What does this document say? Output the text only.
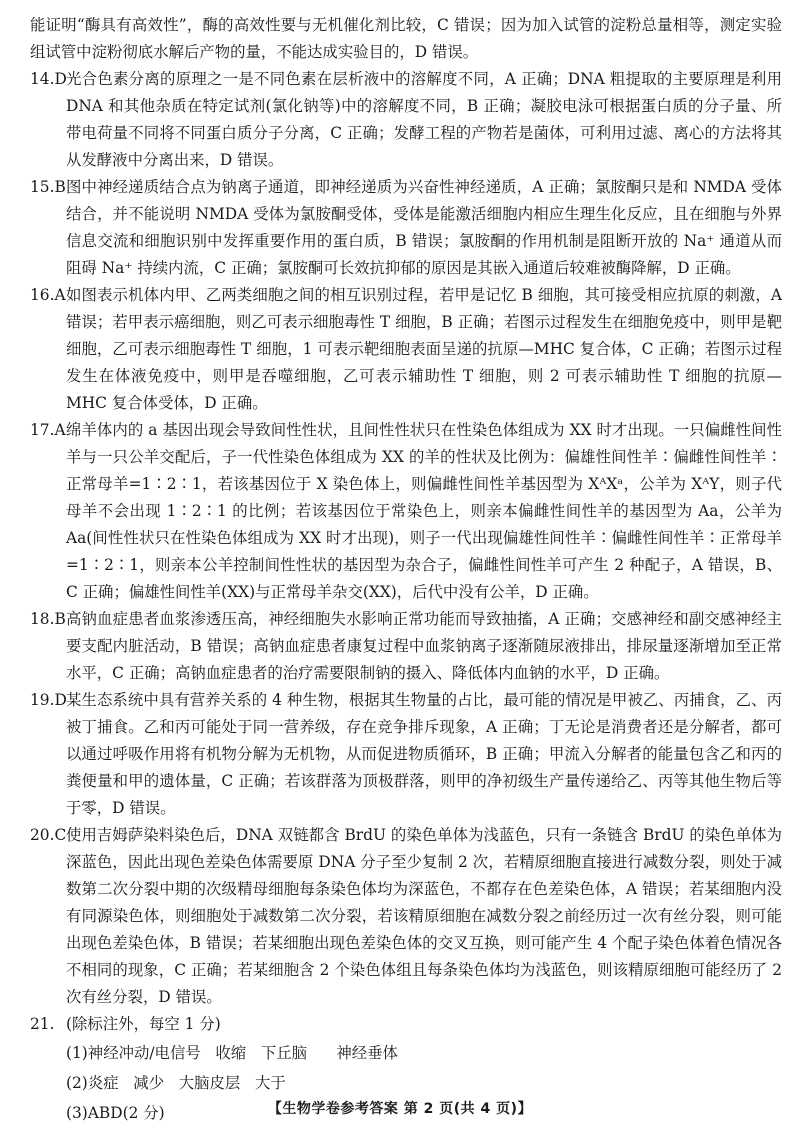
能证明“酶具有高效性”，酶的高效性要与无机催化剂比较，C 错误；因为加入试管的淀粉总量相等，测定实验组试管中淀粉彻底水解后产物的量，不能达成实验目的，D 错误。

14.D 光合色素分离的原理之一是不同色素在层析液中的溶解度不同，A 正确；DNA 粗提取的主要原理是利用 DNA 和其他杂质在特定试剂(氯化钠等)中的溶解度不同，B 正确；凝胶电泳可根据蛋白质的分子量、所带电荷量不同将不同蛋白质分子分离，C 正确；发酵工程的产物若是菌体，可利用过滤、离心的方法将其从发酵液中分离出来，D 错误。

15.B 图中神经递质结合点为钠离子通道，即神经递质为兴奋性神经递质，A 正确；氯胺酮只是和 NMDA 受体结合，并不能说明 NMDA 受体为氯胺酮受体，受体是能激活细胞内相应生理生化反应，且在细胞与外界信息交流和细胞识别中发挥重要作用的蛋白质，B 错误；氯胺酮的作用机制是阻断开放的 Na⁺ 通道从而阻碍 Na⁺ 持续内流，C 正确；氯胺酮可长效抗抑郁的原因是其嵌入通道后较难被酶降解，D 正确。

16.A 如图表示机体内甲、乙两类细胞之间的相互识别过程，若甲是记忆 B 细胞，其可接受相应抗原的刺激，A 错误；若甲表示癌细胞，则乙可表示细胞毒性 T 细胞，B 正确；若图示过程发生在细胞免疫中，则甲是靶细胞，乙可表示细胞毒性 T 细胞，1 可表示靶细胞表面呈递的抗原—MHC 复合体，C 正确；若图示过程发生在体液免疫中，则甲是吞噬细胞，乙可表示辅助性 T 细胞，则 2 可表示辅助性 T 细胞的抗原—MHC 复合体受体，D 正确。

17.A 绵羊体内的 a 基因出现会导致间性性状，且间性性状只在性染色体组成为 XX 时才出现。一只偏雌性间性羊与一只公羊交配后，子一代性染色体组成为 XX 的羊的性状及比例为：偏雄性间性羊∶偏雌性间性羊∶正常母羊=1∶2∶1，若该基因位于 X 染色体上，则偏雌性间性羊基因型为 XᴬXᵃ，公羊为 XᴬY，则子代母羊不会出现 1∶2∶1 的比例；若该基因位于常染色上，则亲本偏雌性间性羊的基因型为 Aa，公羊为 Aa(间性性状只在性染色体组成为 XX 时才出现)，则子一代出现偏雄性间性羊∶偏雌性间性羊∶正常母羊=1∶2∶1，则亲本公羊控制间性性状的基因型为杂合子，偏雌性间性羊可产生 2 种配子，A 错误，B、C 正确；偏雄性间性羊(XX)与正常母羊杂交(XX)，后代中没有公羊，D 正确。

18.B 高钠血症患者血浆渗透压高，神经细胞失水影响正常功能而导致抽搐，A 正确；交感神经和副交感神经主要支配内脏活动，B 错误；高钠血症患者康复过程中血浆钠离子逐渐随尿液排出，排尿量逐渐增加至正常水平，C 正确；高钠血症患者的治疗需要限制钠的摄入、降低体内血钠的水平，D 正确。

19.D 某生态系统中具有营养关系的 4 种生物，根据其生物量的占比，最可能的情况是甲被乙、丙捕食，乙、丙被丁捕食。乙和丙可能处于同一营养级，存在竞争排斥现象，A 正确；丁无论是消费者还是分解者，都可以通过呼吸作用将有机物分解为无机物，从而促进物质循环，B 正确；甲流入分解者的能量包含乙和丙的粪便量和甲的遗体量，C 正确；若该群落为顶极群落，则甲的净初级生产量传递给乙、丙等其他生物后等于零，D 错误。

20.C 使用吉姆萨染料染色后，DNA 双链都含 BrdU 的染色单体为浅蓝色，只有一条链含 BrdU 的染色单体为深蓝色，因此出现色差染色体需要原 DNA 分子至少复制 2 次，若精原细胞直接进行减数分裂，则处于减数第二次分裂中期的次级精母细胞每条染色体均为深蓝色，不都存在色差染色体，A 错误；若某细胞内没有同源染色体，则细胞处于减数第二次分裂，若该精原细胞在减数分裂之前经历过一次有丝分裂，则可能出现色差染色体，B 错误；若某细胞出现色差染色体的交叉互换，则可能产生 4 个配子染色体着色情况各不相同的现象，C 正确；若某细胞含 2 个染色体组且每条染色体均为浅蓝色，则该精原细胞可能经历了 2 次有丝分裂，D 错误。

21. (除标注外，每空 1 分)

(1)神经冲动/电信号   收缩   下丘脑      神经垂体

(2)炎症   减少   大脑皮层   大于

(3)ABD(2 分)	【生物学卷参考答案 第 2 页(共 4 页)】
